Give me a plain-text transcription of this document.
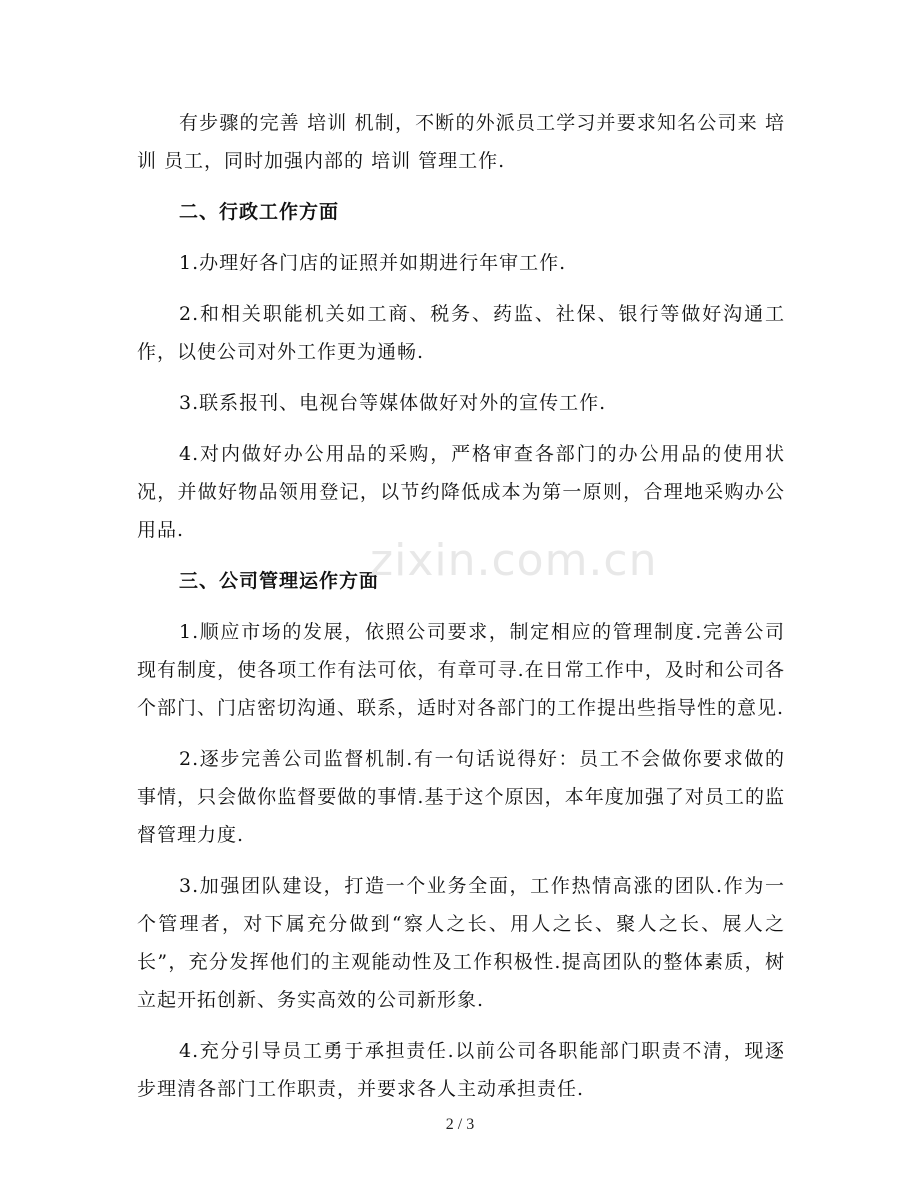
有步骤的完善 培训 机制，不断的外派员工学习并要求知名公司来 培训 员工，同时加强内部的 培训 管理工作.

二、行政工作方面

1.办理好各门店的证照并如期进行年审工作.

2.和相关职能机关如工商、税务、药监、社保、银行等做好沟通工作，以使公司对外工作更为通畅.

3.联系报刊、电视台等媒体做好对外的宣传工作.

4.对内做好办公用品的采购，严格审查各部门的办公用品的使用状况，并做好物品领用登记，以节约降低成本为第一原则，合理地采购办公用品.

三、公司管理运作方面

1.顺应市场的发展，依照公司要求，制定相应的管理制度.完善公司现有制度，使各项工作有法可依，有章可寻.在日常工作中，及时和公司各个部门、门店密切沟通、联系，适时对各部门的工作提出些指导性的意见.

2.逐步完善公司监督机制.有一句话说得好：员工不会做你要求做的事情，只会做你监督要做的事情.基于这个原因，本年度加强了对员工的监督管理力度.

3.加强团队建设，打造一个业务全面，工作热情高涨的团队.作为一个管理者，对下属充分做到“察人之长、用人之长、聚人之长、展人之长”，充分发挥他们的主观能动性及工作积极性.提高团队的整体素质，树立起开拓创新、务实高效的公司新形象.

4.充分引导员工勇于承担责任.以前公司各职能部门职责不清，现逐步理清各部门工作职责，并要求各人主动承担责任.

zixin.com.cn
2 / 3
